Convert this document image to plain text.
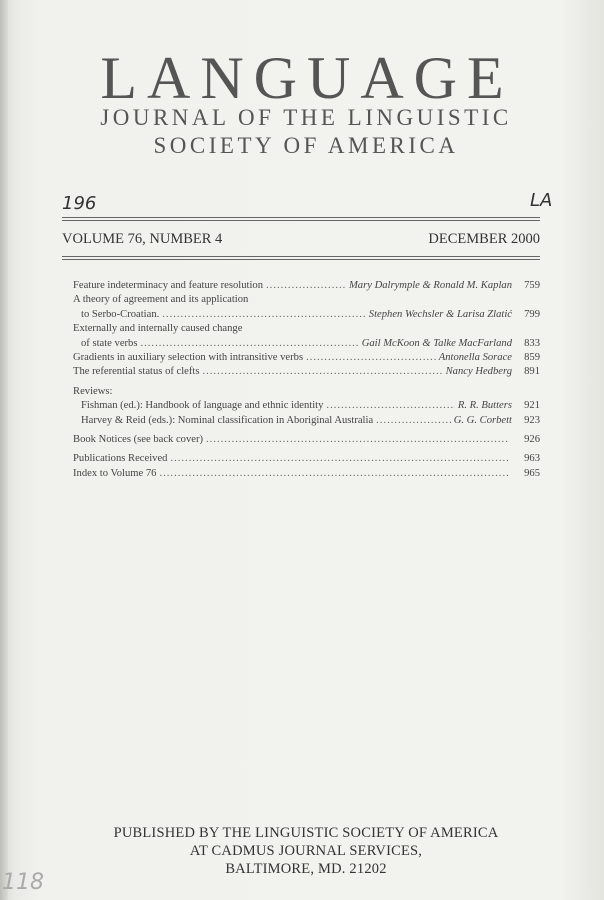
LANGUAGE
JOURNAL OF THE LINGUISTIC
SOCIETY OF AMERICA
196	LA
VOLUME 76, NUMBER 4	DECEMBER 2000
Feature indeterminacy and feature resolution .....	Mary Dalrymple & Ronald M. Kaplan	759
A theory of agreement and its application
to Serbo-Croatian. .....	Stephen Wechsler & Larisa Zlatić	799
Externally and internally caused change
of state verbs .....	Gail McKoon & Talke MacFarland	833
Gradients in auxiliary selection with intransitive verbs .....	Antonella Sorace	859
The referential status of clefts .....	Nancy Hedberg	891
Reviews:
Fishman (ed.): Handbook of language and ethnic identity .....	R. R. Butters	921
Harvey & Reid (eds.): Nominal classification in Aboriginal Australia .....	G. G. Corbett	923
Book Notices (see back cover) .....	926
Publications Received .....	963
Index to Volume 76 .....	965
PUBLISHED BY THE LINGUISTIC SOCIETY OF AMERICA
AT CADMUS JOURNAL SERVICES,
BALTIMORE, MD. 21202
118
